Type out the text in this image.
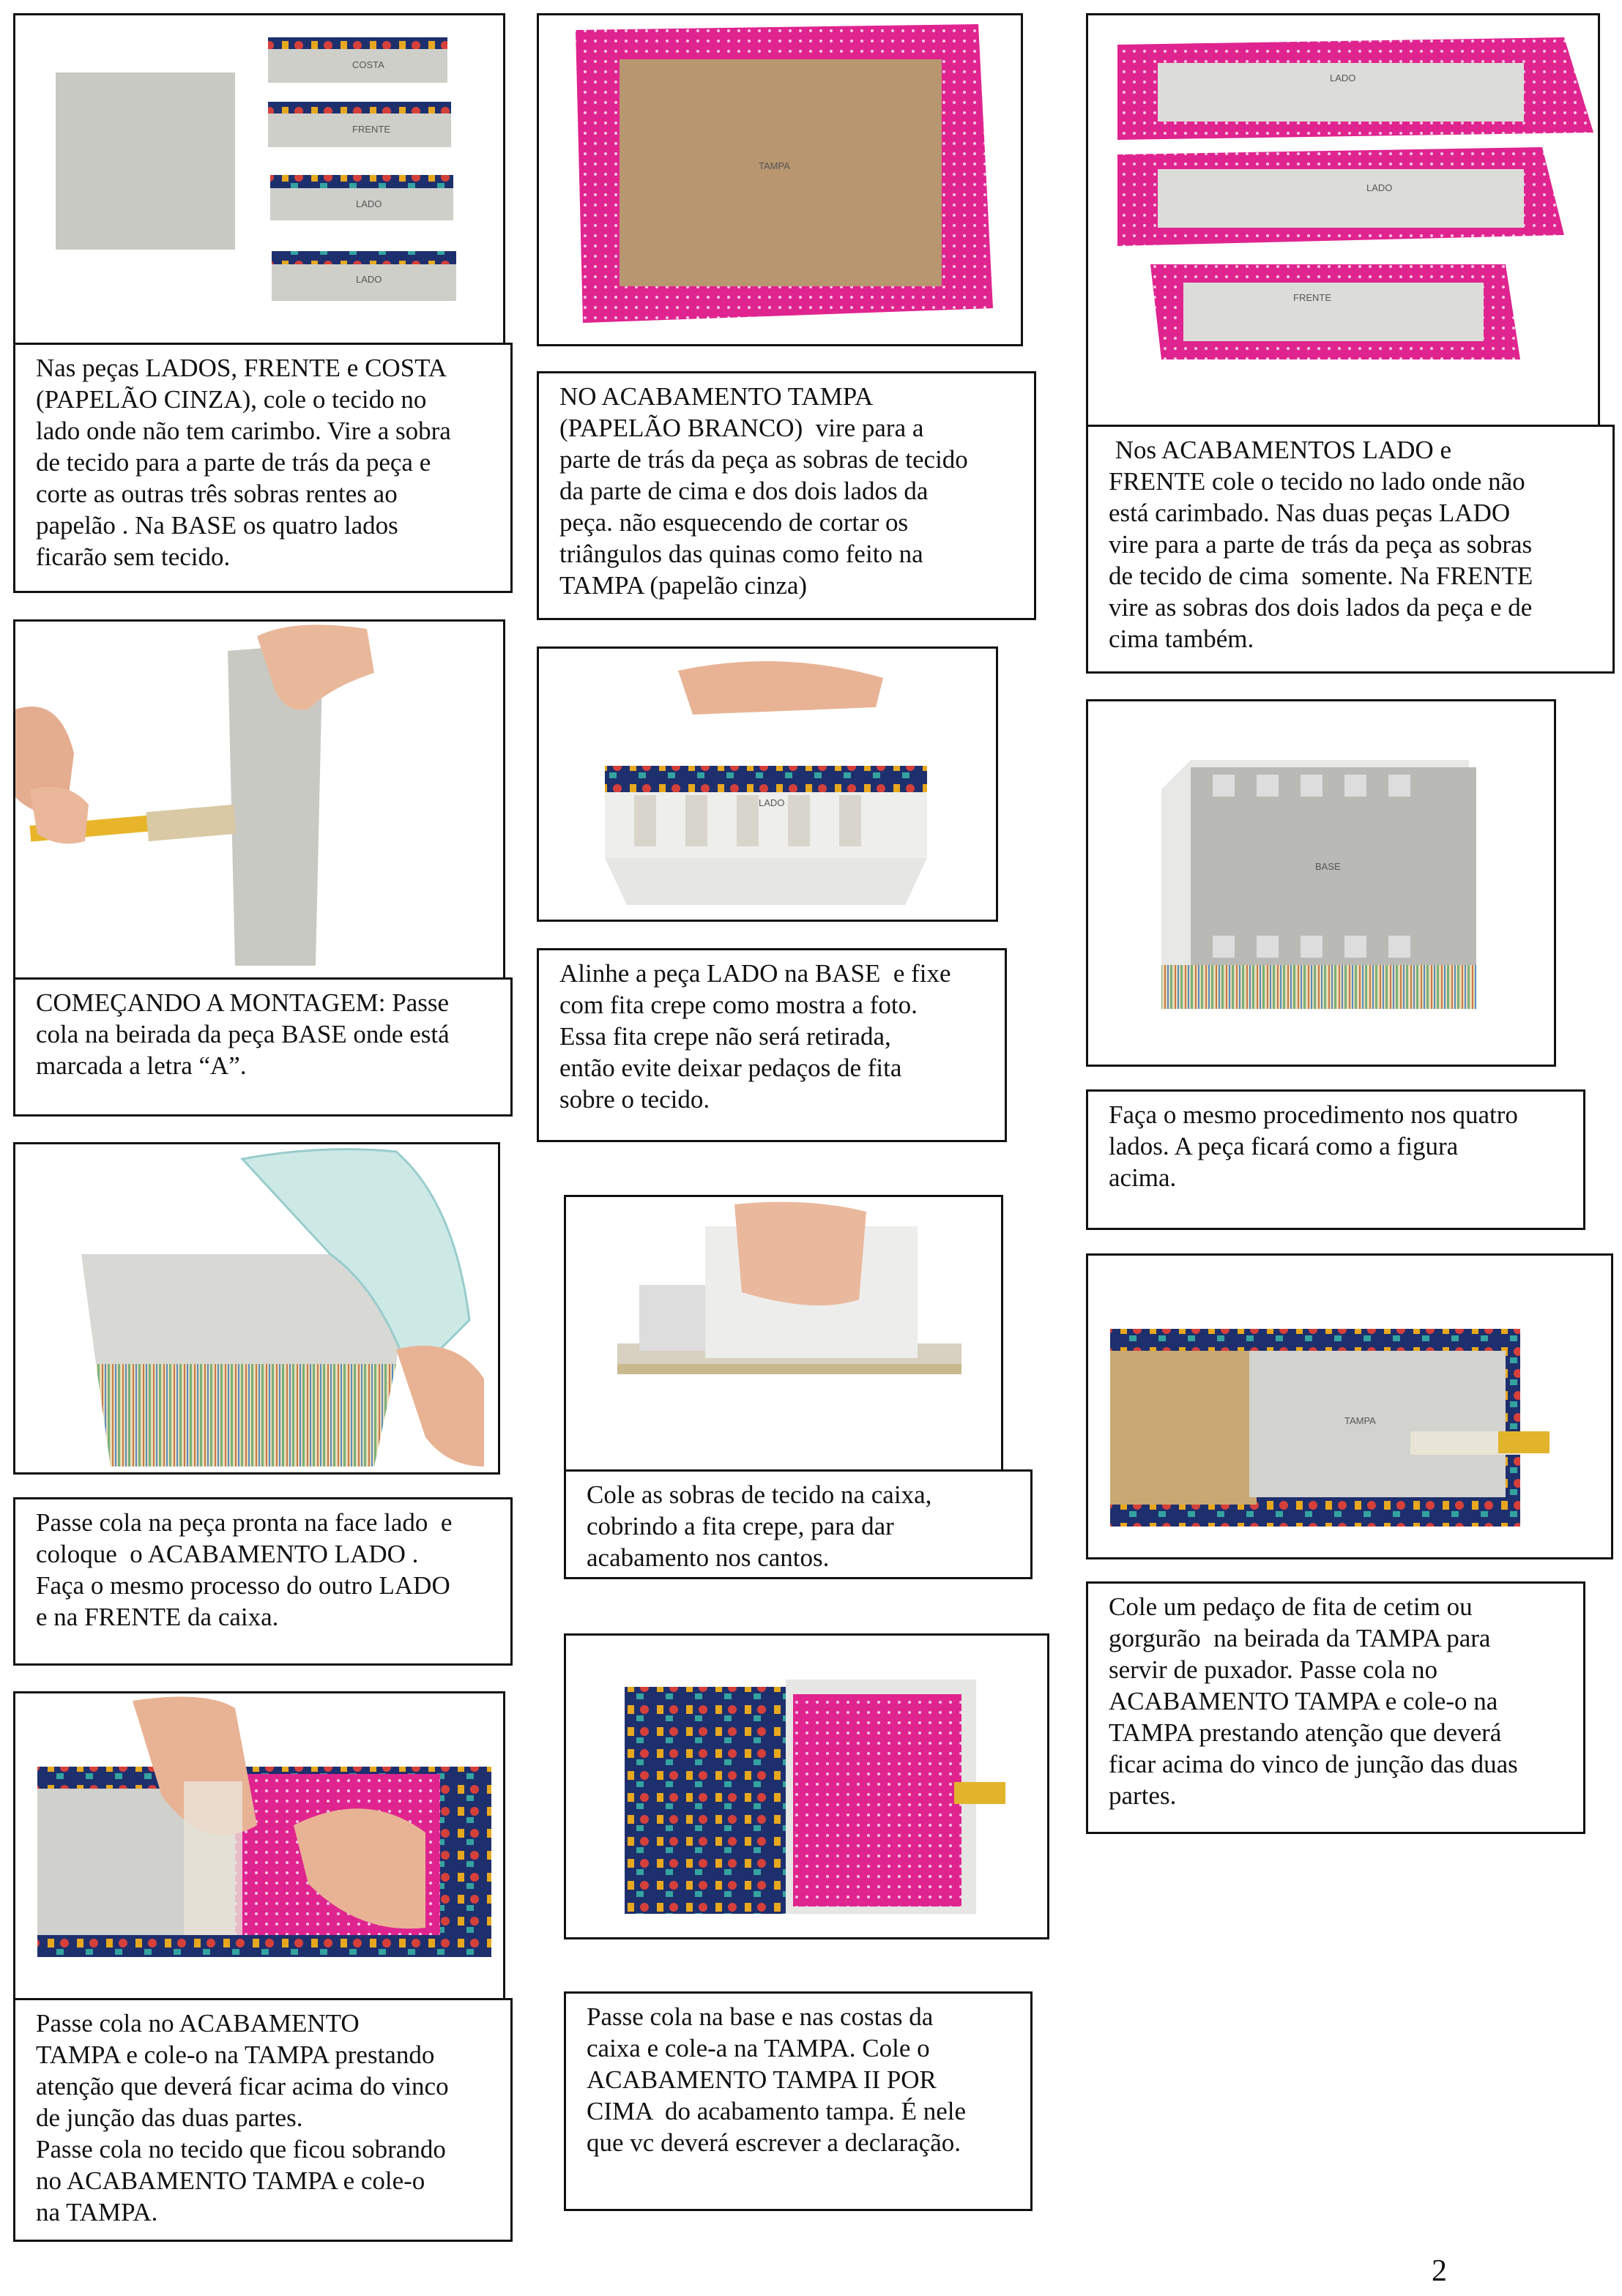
COSTA
FRENTE
LADO
LADO
Nas peças LADOS, FRENTE e COSTA
(PAPELÃO CINZA), cole o tecido no
lado onde não tem carimbo. Vire a sobra
de tecido para a parte de trás da peça e
corte as outras três sobras rentes ao
papelão . Na BASE os quatro lados
ficarão sem tecido.
COMEÇANDO A MONTAGEM: Passe
cola na beirada da peça BASE onde está
marcada a letra “A”.
Passe cola na peça pronta na face lado  e
coloque  o ACABAMENTO LADO .
Faça o mesmo processo do outro LADO
e na FRENTE da caixa.
Passe cola no ACABAMENTO
TAMPA e cole-o na TAMPA prestando
atenção que deverá ficar acima do vinco
de junção das duas partes.
Passe cola no tecido que ficou sobrando
no ACABAMENTO TAMPA e cole-o
na TAMPA.
TAMPA
NO ACABAMENTO TAMPA
(PAPELÃO BRANCO)  vire para a
parte de trás da peça as sobras de tecido
da parte de cima e dos dois lados da
peça. não esquecendo de cortar os
triângulos das quinas como feito na
TAMPA (papelão cinza)
LADO
Alinhe a peça LADO na BASE  e fixe
com fita crepe como mostra a foto.
Essa fita crepe não será retirada,
então evite deixar pedaços de fita
sobre o tecido.
Cole as sobras de tecido na caixa,
cobrindo a fita crepe, para dar
acabamento nos cantos.
Passe cola na base e nas costas da
caixa e cole-a na TAMPA. Cole o
ACABAMENTO TAMPA II POR
CIMA  do acabamento tampa. É nele
que vc deverá escrever a declaração.
LADO
LADO
FRENTE
Nos ACABAMENTOS LADO e
FRENTE cole o tecido no lado onde não
está carimbado. Nas duas peças LADO
vire para a parte de trás da peça as sobras
de tecido de cima  somente. Na FRENTE
vire as sobras dos dois lados da peça e de
cima também.
BASE
Faça o mesmo procedimento nos quatro
lados. A peça ficará como a figura
acima.
TAMPA
Cole um pedaço de fita de cetim ou
gorgurão  na beirada da TAMPA para
servir de puxador. Passe cola no
ACABAMENTO TAMPA e cole-o na
TAMPA prestando atenção que deverá
ficar acima do vinco de junção das duas
partes.
2
